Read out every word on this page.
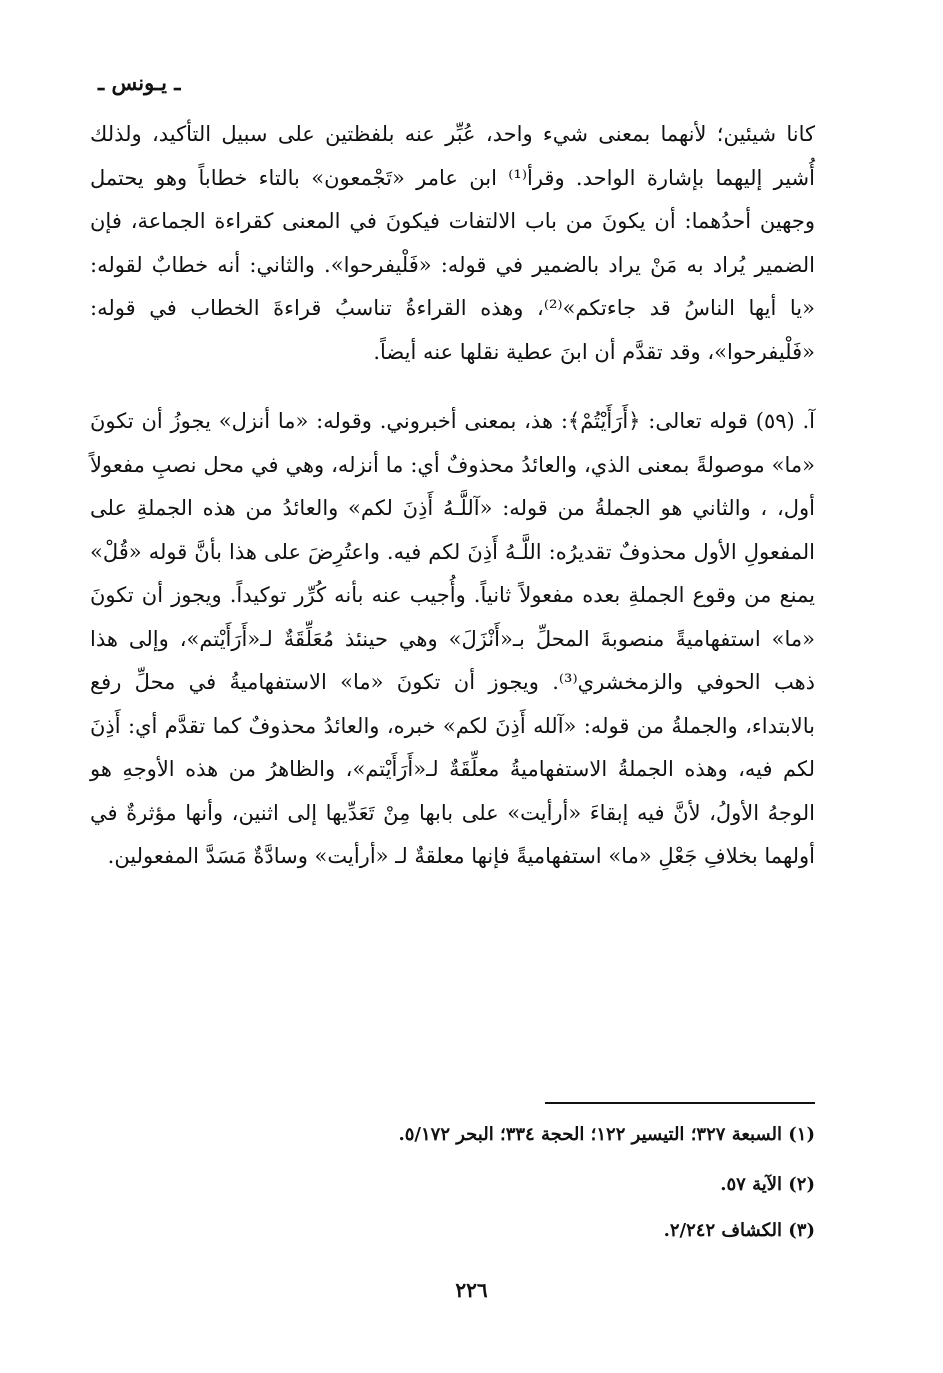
ـ يـونس ـ

كانا شيئين؛ لأنهما بمعنى شيء واحد، عُبِّر عنه بلفظتين على سبيل التأكيد، ولذلك أُشير إليهما بإشارة الواحد. وقرأ⁽¹⁾ ابن عامر «تَجْمعون» بالتاء خطاباً وهو يحتمل وجهين أحدُهما: أن يكونَ من باب الالتفات فيكونَ في المعنى كقراءة الجماعة، فإن الضمير يُراد به مَنْ يراد بالضمير في قوله: «فَلْيفرحوا». والثاني: أنه خطابٌ لقوله: «يا أيها الناسُ قد جاءتكم»⁽²⁾، وهذه القراءةُ تناسبُ قراءةَ الخطاب في قوله: «فَلْيفرحوا»، وقد تقدَّم أن ابنَ عطية نقلها عنه أيضاً.

آ. (٥٩) قوله تعالى: ﴿أَرَأَيْتُمْ﴾: هذ، بمعنى أخبروني. وقوله: «ما أنزل» يجوزُ أن تكونَ «ما» موصولةً بمعنى الذي، والعائدُ محذوفٌ أي: ما أنزله، وهي في محل نصبِ مفعولاً أول، ، والثاني هو الجملةُ من قوله: «آللَّـهُ أَذِنَ لكم» والعائدُ من هذه الجملةِ على المفعولِ الأول محذوفٌ تقديرُه: اللَّـهُ أَذِنَ لكم فيه. واعتُرِضَ على هذا بأنَّ قوله «قُلْ» يمنع من وقوع الجملةِ بعده مفعولاً ثانياً. وأُجيب عنه بأنه كُرِّر توكيداً. ويجوز أن تكونَ «ما» استفهاميةً منصوبةَ المحلِّ بـ«أَنْزَلَ» وهي حينئذ مُعَلِّقَةٌ لـ«أَرَأَيْتم»، وإلى هذا ذهب الحوفي والزمخشري⁽³⁾. ويجوز أن تكونَ «ما» الاستفهاميةُ في محلِّ رفع بالابتداء، والجملةُ من قوله: «آلله أَذِنَ لكم» خبره، والعائدُ محذوفٌ كما تقدَّم أي: أَذِنَ لكم فيه، وهذه الجملةُ الاستفهاميةُ معلِّقَةٌ لـ«أَرَأَيْتم»، والظاهرُ من هذه الأوجهِ هو الوجهُ الأولُ، لأنَّ فيه إبقاءَ «أرأيت» على بابها مِنْ تَعَدِّيها إلى اثنين، وأنها مؤثرةٌ في أولهما بخلافِ جَعْلِ «ما» استفهاميةً فإنها معلقةٌ لـ «أرأيت» وسادَّةٌ مَسَدَّ المفعولين.

(١) السبعة ٣٢٧؛ التيسير ١٢٢؛ الحجة ٣٣٤؛ البحر ٥/١٧٢.
(٢) الآية ٥٧.
(٣) الكشاف ٢/٢٤٢.
٢٢٦
